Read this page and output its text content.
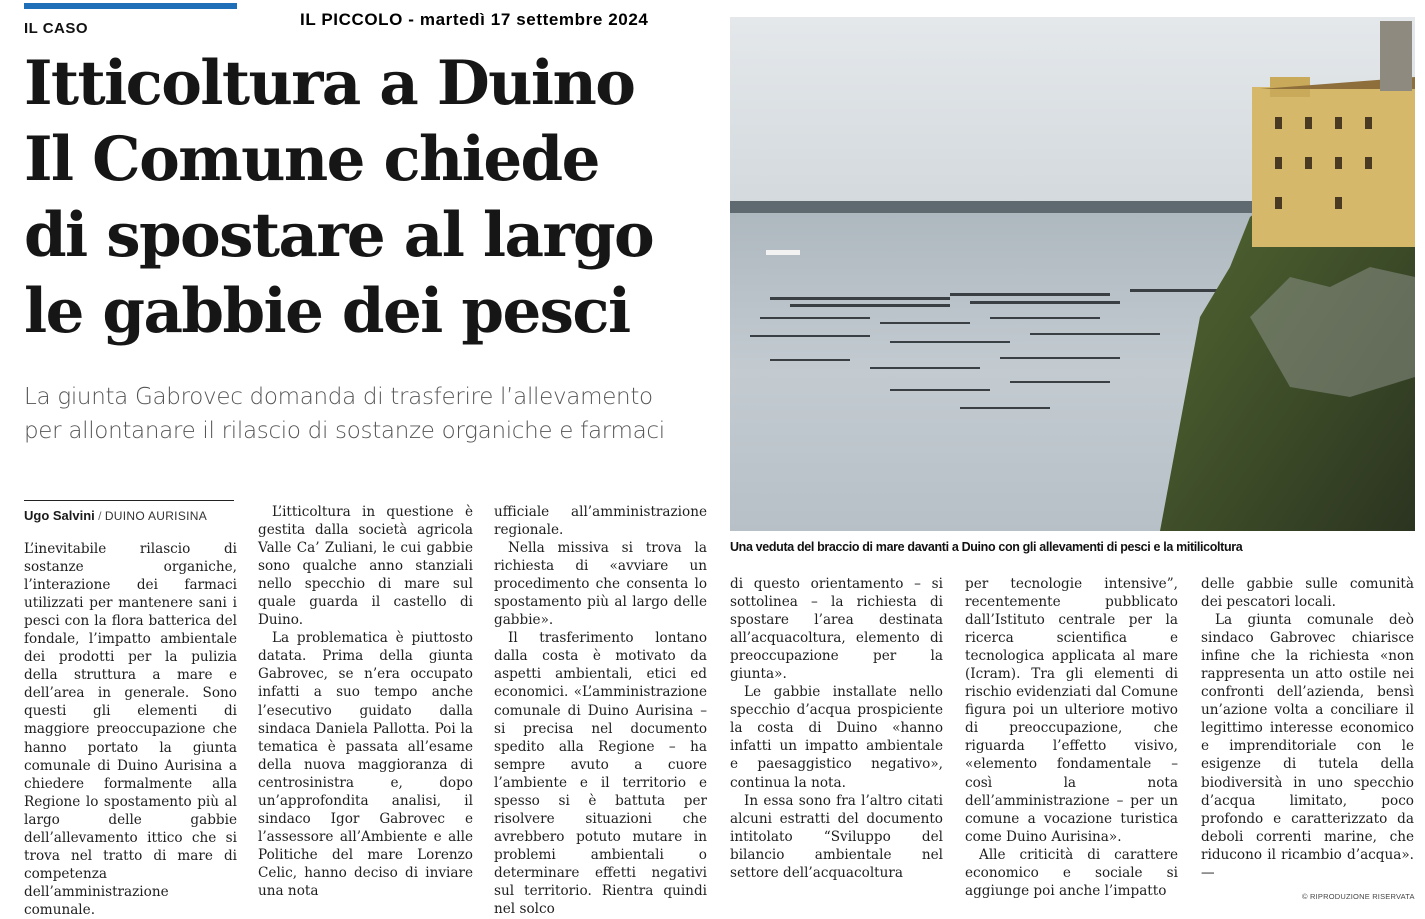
IL CASO	IL PICCOLO - martedì 17 settembre 2024
Itticoltura a Duino
Il Comune chiede
di spostare al largo
le gabbie dei pesci
La giunta Gabrovec domanda di trasferire l’allevamento
per allontanare il rilascio di sostanze organiche e farmaci
Ugo Salvini / DUINO AURISINA
Una veduta del braccio di mare davanti a Duino con gli allevamenti di pesci e la mitilicoltura

L’inevitabile rilascio di sostanze organiche, l’interazione dei farmaci utilizzati per mantenere sani i pesci con la flora batterica del fondale, l’impatto ambientale dei prodotti per la pulizia della struttura a mare e dell’area in generale. Sono questi gli elementi di maggiore preoccupazione che hanno portato la giunta comunale di Duino Aurisina a chiedere formalmente alla Regione lo spostamento più al largo delle gabbie dell’allevamento ittico che si trova nel tratto di mare di competenza dell’amministrazione comunale.

L’itticoltura in questione è gestita dalla società agricola Valle Ca’ Zuliani, le cui gabbie sono qualche anno stanziali nello specchio di mare sul quale guarda il castello di Duino.

La problematica è piuttosto datata. Prima della giunta Gabrovec, se n’era occupato infatti a suo tempo anche l’esecutivo guidato dalla sindaca Daniela Pallotta. Poi la tematica è passata all’esame della nuova maggioranza di centrosinistra e, dopo un’approfondita analisi, il sindaco Igor Gabrovec e l’assessore all’Ambiente e alle Politiche del mare Lorenzo Celic, hanno deciso di inviare una nota

ufficiale all’amministrazione regionale.

Nella missiva si trova la richiesta di «avviare un procedimento che consenta lo spostamento più al largo delle gabbie».

Il trasferimento lontano dalla costa è motivato da aspetti ambientali, etici ed economici. «L’amministrazione comunale di Duino Aurisina – si precisa nel documento spedito alla Regione – ha sempre avuto a cuore l’ambiente e il territorio e spesso si è battuta per risolvere situazioni che avrebbero potuto mutare in problemi ambientali o determinare effetti negativi sul territorio. Rientra quindi nel solco

di questo orientamento – si sottolinea – la richiesta di spostare l’area destinata all’acquacoltura, elemento di preoccupazione per la giunta».

Le gabbie installate nello specchio d’acqua prospiciente la costa di Duino «hanno infatti un impatto ambientale e paesaggistico negativo», continua la nota.

In essa sono fra l’altro citati alcuni estratti del documento intitolato “Sviluppo del bilancio ambientale nel settore dell’acquacoltura

per tecnologie intensive”, recentemente pubblicato dall’Istituto centrale per la ricerca scientifica e tecnologica applicata al mare (Icram). Tra gli elementi di rischio evidenziati dal Comune figura poi un ulteriore motivo di preoccupazione, che riguarda l’effetto visivo, «elemento fondamentale – così la nota dell’amministrazione – per un comune a vocazione turistica come Duino Aurisina».

Alle criticità di carattere economico e sociale si aggiunge poi anche l’impatto

delle gabbie sulle comunità dei pescatori locali.

La giunta comunale deò sindaco Gabrovec chiarisce infine che la richiesta «non rappresenta un atto ostile nei confronti dell’azienda, bensì un’azione volta a conciliare il legittimo interesse economico e imprenditoriale con le esigenze di tutela della biodiversità in uno specchio d’acqua limitato, poco profondo e caratterizzato da deboli correnti marine, che riducono il ricambio d’acqua». —

© RIPRODUZIONE RISERVATA
